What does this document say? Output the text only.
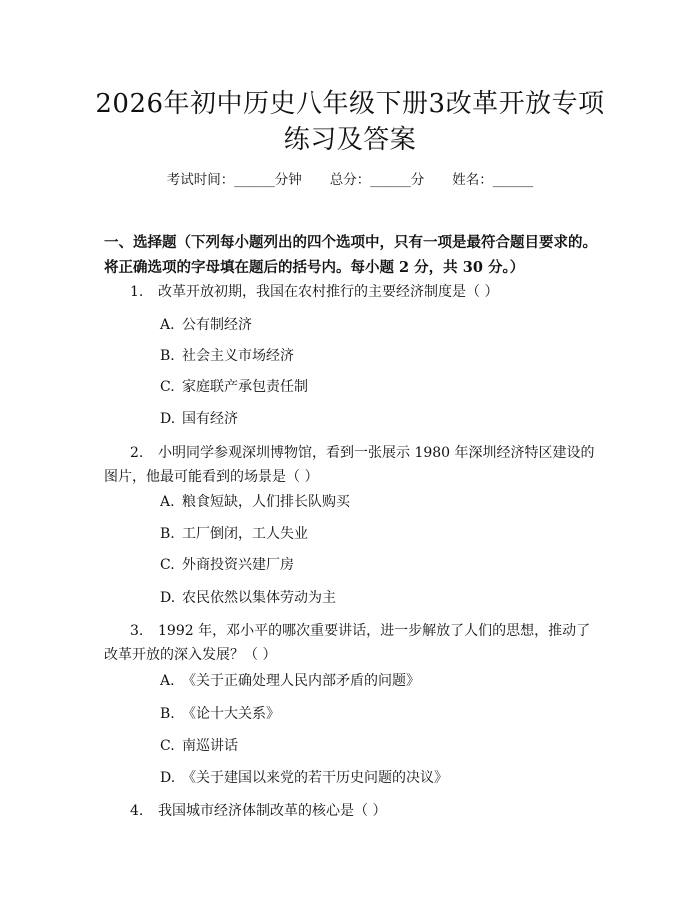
2026年初中历史八年级下册3改革开放专项
练习及答案
考试时间：______分钟 总分：______分 姓名：______
一、选择题（下列每小题列出的四个选项中，只有一项是最符合题目要求的。将正确选项的字母填在题后的括号内。每小题 2 分，共 30 分。）
1. 改革开放初期，我国在农村推行的主要经济制度是（ ）
A. 公有制经济
B. 社会主义市场经济
C. 家庭联产承包责任制
D. 国有经济
2. 小明同学参观深圳博物馆，看到一张展示 1980 年深圳经济特区建设的图片，他最可能看到的场景是（ ）
A. 粮食短缺，人们排长队购买
B. 工厂倒闭，工人失业
C. 外商投资兴建厂房
D. 农民依然以集体劳动为主
3. 1992 年，邓小平的哪次重要讲话，进一步解放了人们的思想，推动了改革开放的深入发展？（ ）
A. 《关于正确处理人民内部矛盾的问题》
B. 《论十大关系》
C. 南巡讲话
D. 《关于建国以来党的若干历史问题的决议》
4. 我国城市经济体制改革的核心是（ ）
